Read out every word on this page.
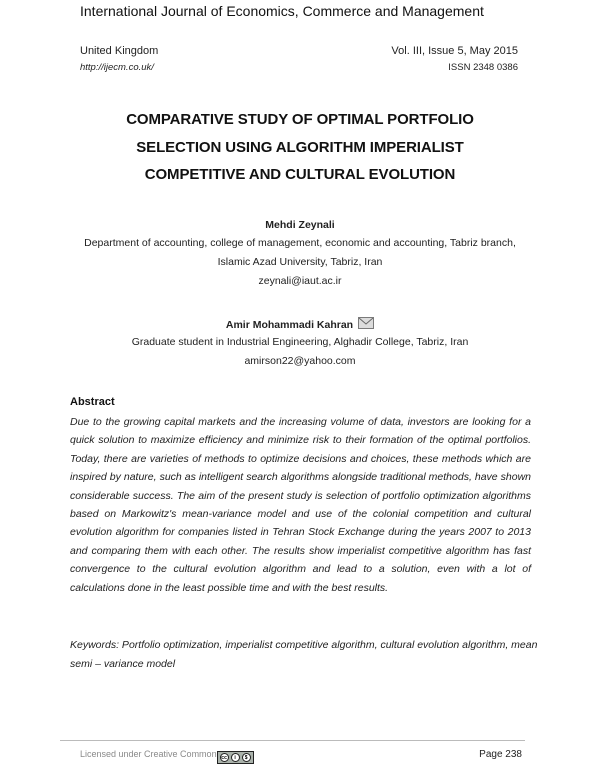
International Journal of Economics, Commerce and Management
United Kingdom	Vol. III, Issue 5, May 2015
http://ijecm.co.uk/	ISSN 2348 0386
COMPARATIVE STUDY OF OPTIMAL PORTFOLIO
SELECTION USING ALGORITHM IMPERIALIST
COMPETITIVE AND CULTURAL EVOLUTION
Mehdi Zeynali
Department of accounting, college of management, economic and accounting, Tabriz branch,
Islamic Azad University, Tabriz, Iran
zeynali@iaut.ac.ir
Amir Mohammadi Kahran
Graduate student in Industrial Engineering, Alghadir College, Tabriz, Iran
amirson22@yahoo.com
Abstract
Due to the growing capital markets and the increasing volume of data, investors are looking for a quick solution to maximize efficiency and minimize risk to their formation of the optimal portfolios. Today, there are varieties of methods to optimize decisions and choices, these methods which are inspired by nature, such as intelligent search algorithms alongside traditional methods, have shown considerable success. The aim of the present study is selection of portfolio optimization algorithms based on Markowitz's mean-variance model and use of the colonial competition and cultural evolution algorithm for companies listed in Tehran Stock Exchange during the years 2007 to 2013 and comparing them with each other. The results show imperialist competitive algorithm has fast convergence to the cultural evolution algorithm and lead to a solution, even with a lot of calculations done in the least possible time and with the best results.
Keywords: Portfolio optimization, imperialist competitive algorithm, cultural evolution algorithm, mean semi – variance model
Licensed under Creative Common cc	i	$	Page 238
